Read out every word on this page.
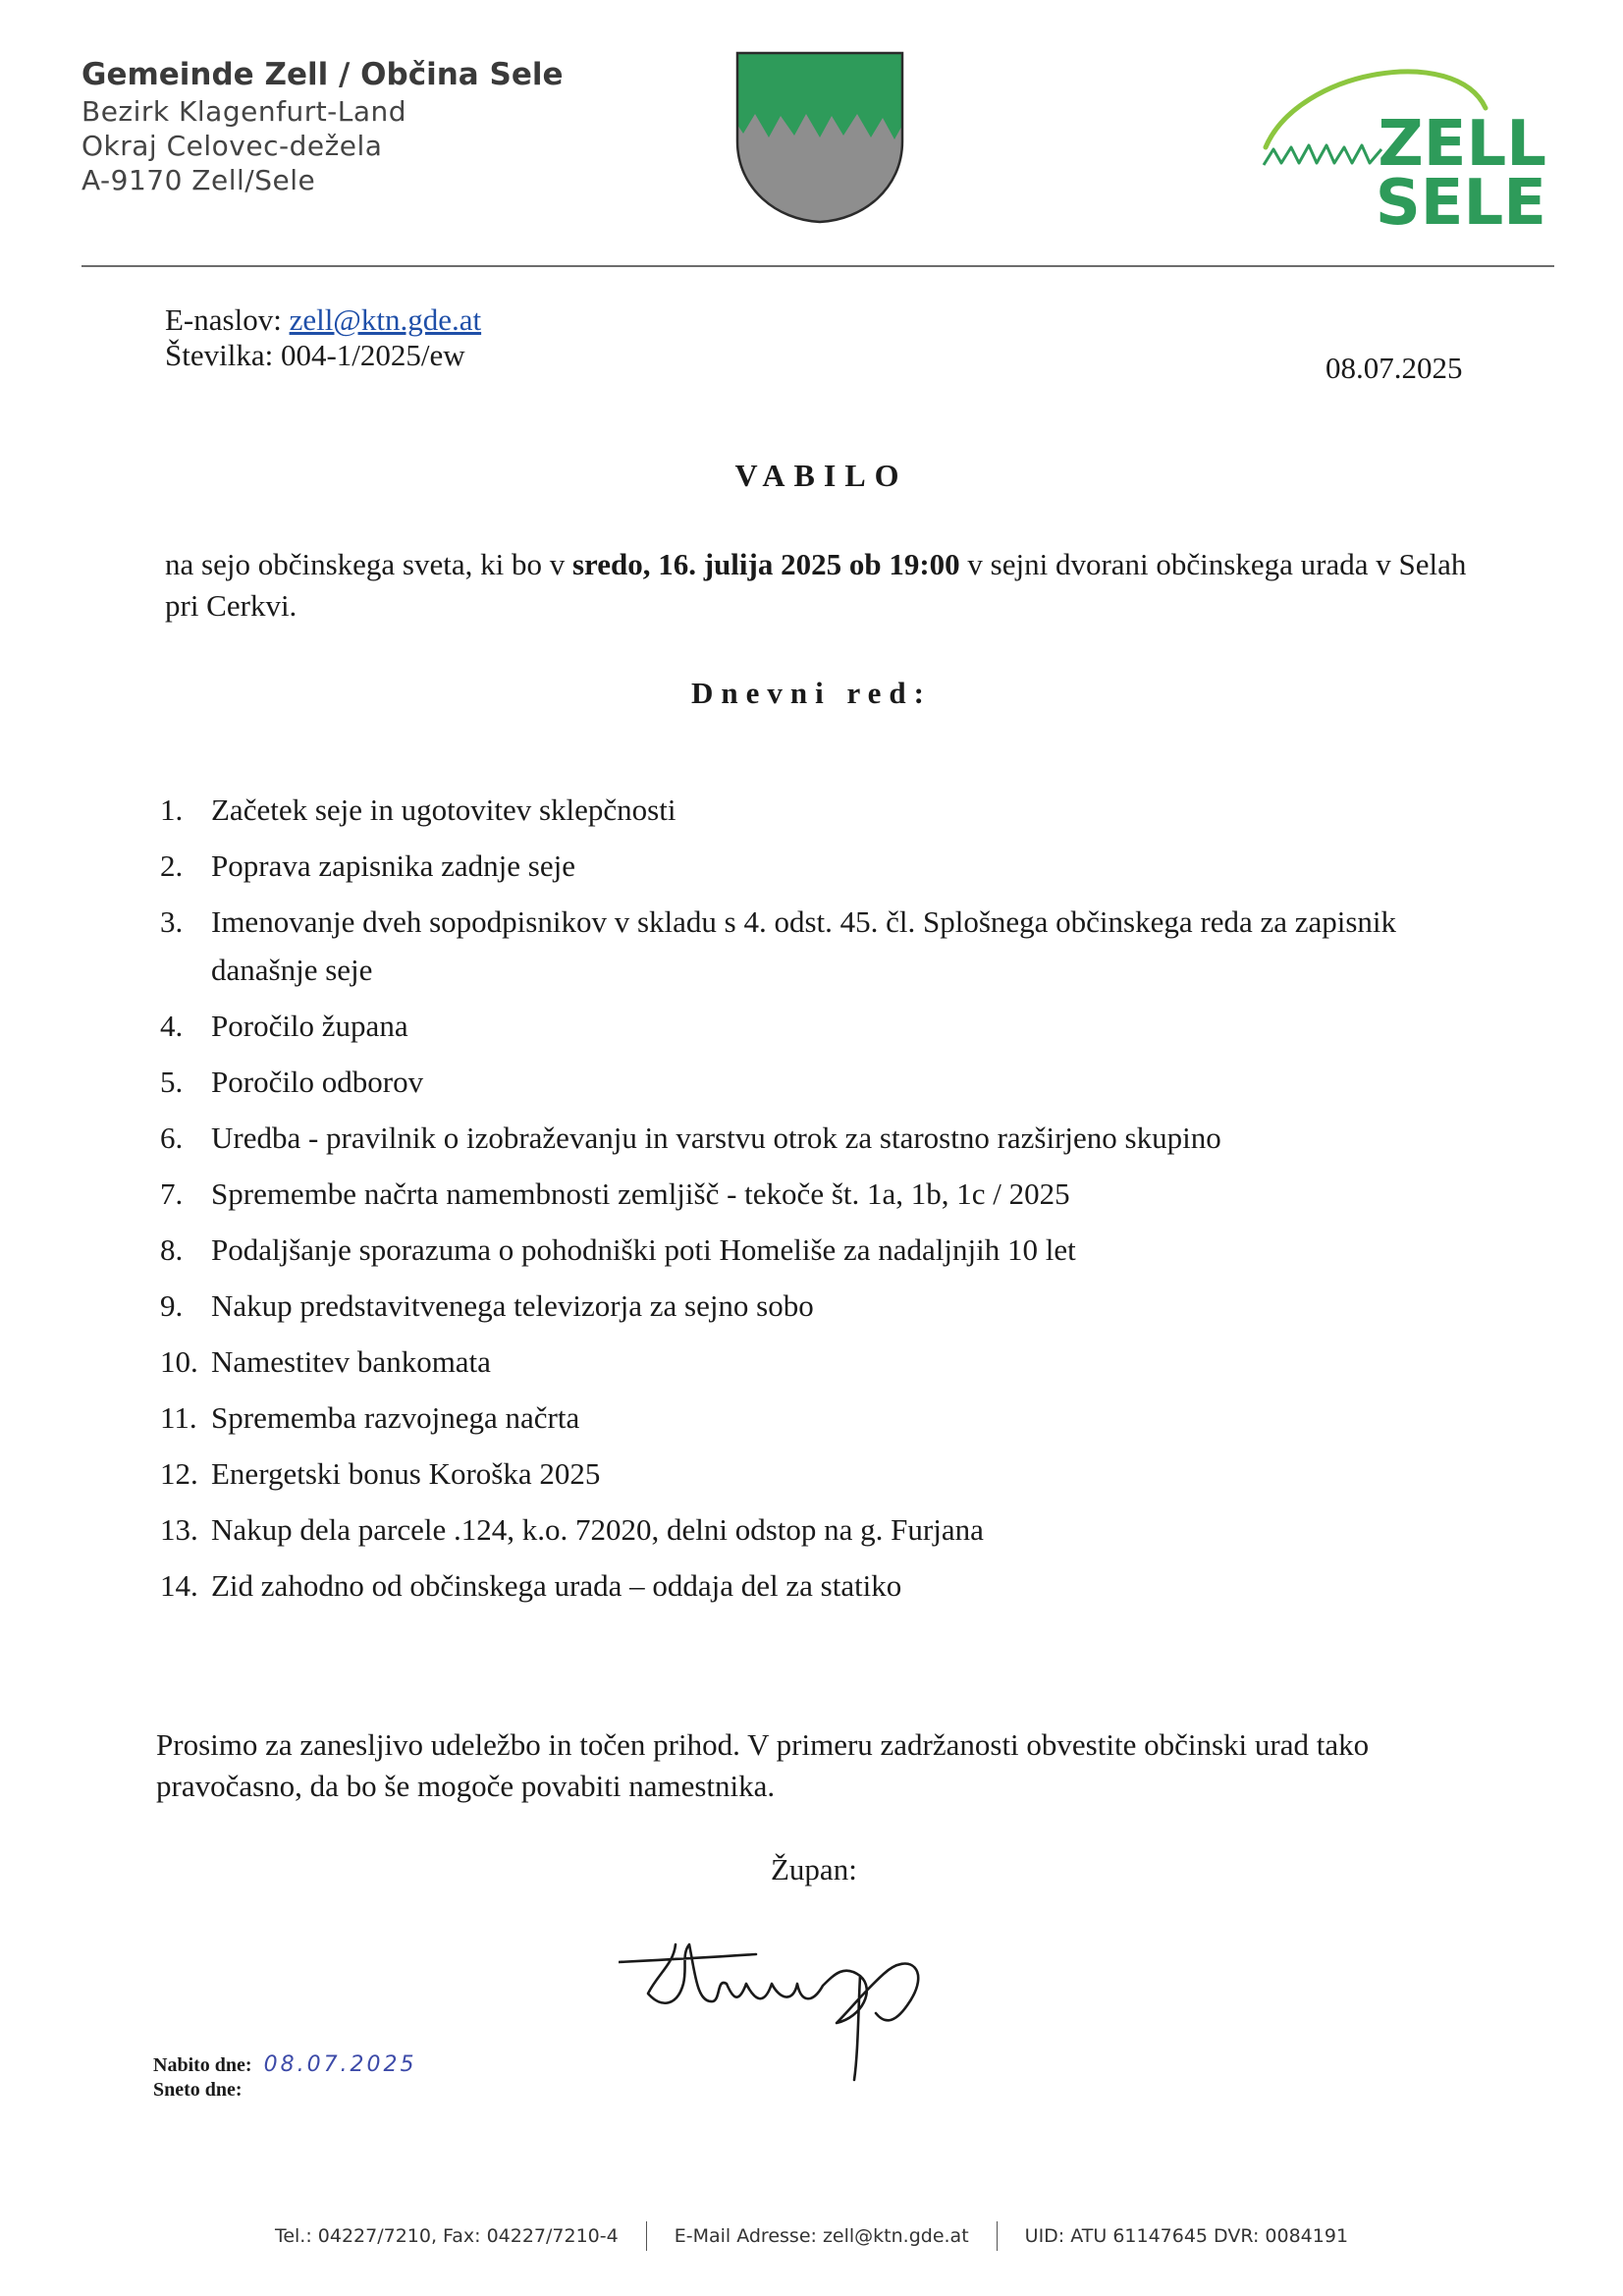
Gemeinde Zell / Občina Sele
Bezirk Klagenfurt-Land
Okraj Celovec-dežela
A-9170 Zell/Sele	ZELL
SELE
E-naslov: zell@ktn.gde.at
Številka: 004-1/2025/ew	08.07.2025
VABILO
na sejo občinskega sveta, ki bo v sredo, 16. julija 2025 ob 19:00 v sejni dvorani občinskega urada v Selah pri Cerkvi.
Dnevni red:
1. Začetek seje in ugotovitev sklepčnosti
2. Poprava zapisnika zadnje seje
3. Imenovanje dveh sopodpisnikov v skladu s 4. odst. 45. čl. Splošnega občinskega reda za zapisnik današnje seje
4. Poročilo župana
5. Poročilo odborov
6. Uredba - pravilnik o izobraževanju in varstvu otrok za starostno razširjeno skupino
7. Spremembe načrta namembnosti zemljišč - tekoče št. 1a, 1b, 1c / 2025
8. Podaljšanje sporazuma o pohodniški poti Homeliše za nadaljnjih 10 let
9. Nakup predstavitvenega televizorja za sejno sobo
10. Namestitev bankomata
11. Sprememba razvojnega načrta
12. Energetski bonus Koroška 2025
13. Nakup dela parcele .124, k.o. 72020, delni odstop na g. Furjana
14. Zid zahodno od občinskega urada – oddaja del za statiko
Prosimo za zanesljivo udeležbo in točen prihod. V primeru zadržanosti obvestite občinski urad tako pravočasno, da bo še mogoče povabiti namestnika.
Župan:
Nabito dne: 08.07.2025
Sneto dne:
Tel.: 04227/7210, Fax: 04227/7210-4	E-Mail Adresse: zell@ktn.gde.at	UID: ATU 61147645 DVR: 0084191
